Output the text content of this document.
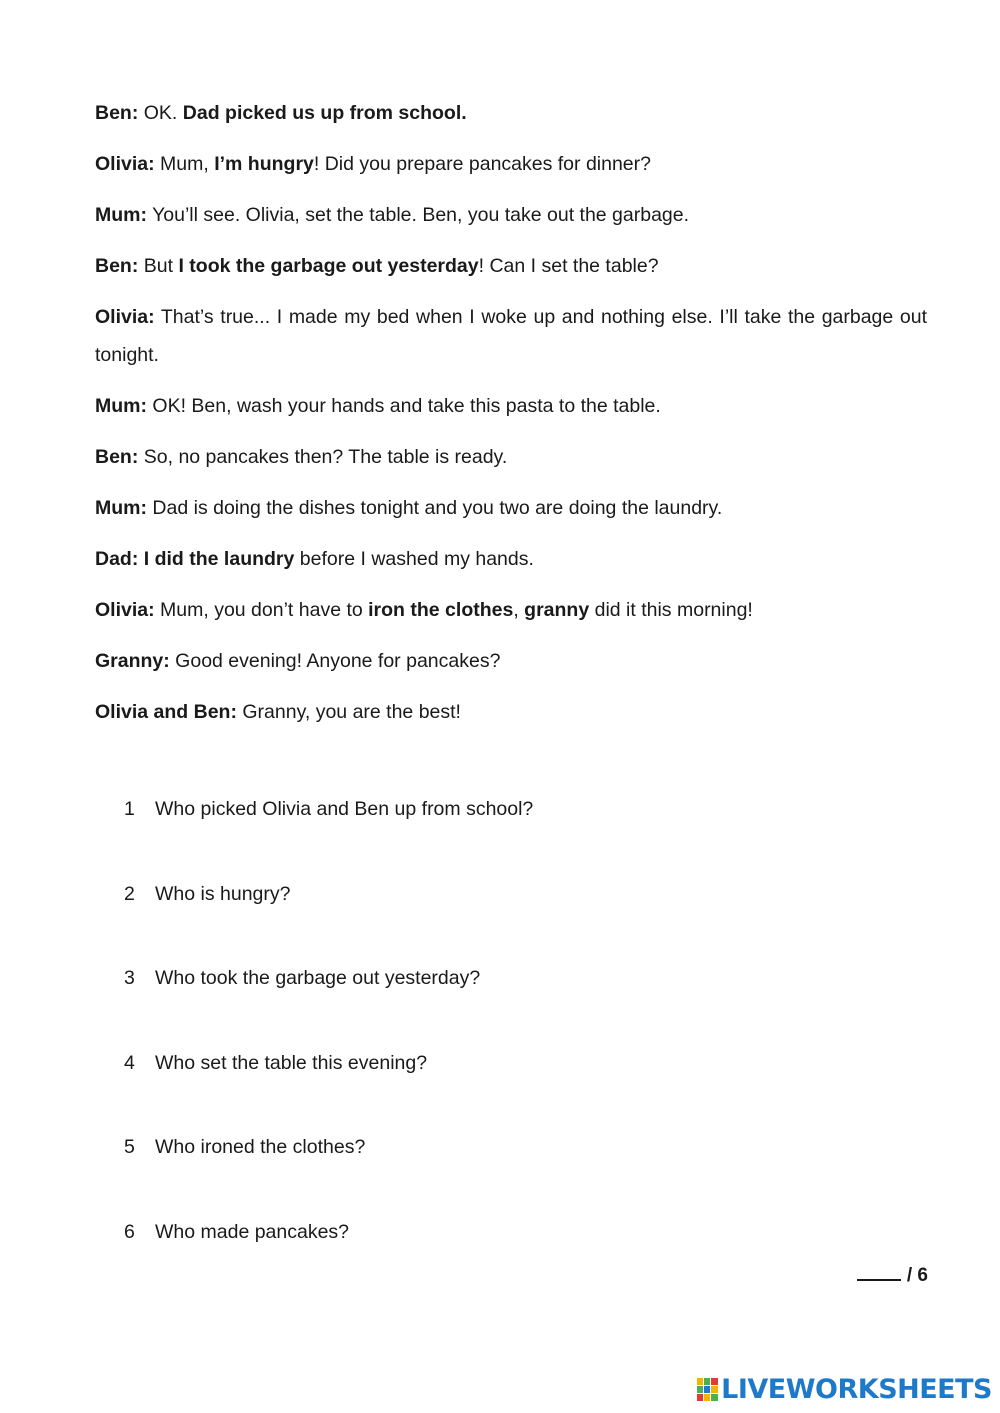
Ben: OK. Dad picked us up from school.

Olivia: Mum, I’m hungry! Did you prepare pancakes for dinner?

Mum: You’ll see. Olivia, set the table. Ben, you take out the garbage.

Ben: But I took the garbage out yesterday! Can I set the table?

Olivia: That’s true... I made my bed when I woke up and nothing else. I’ll take the garbage out tonight.

Mum: OK! Ben, wash your hands and take this pasta to the table.

Ben: So, no pancakes then? The table is ready.

Mum: Dad is doing the dishes tonight and you two are doing the laundry.

Dad: I did the laundry before I washed my hands.

Olivia: Mum, you don’t have to iron the clothes, granny did it this morning!

Granny: Good evening! Anyone for pancakes?

Olivia and Ben: Granny, you are the best!

1	Who picked Olivia and Ben up from school?
2	Who is hungry?
3	Who took the garbage out yesterday?
4	Who set the table this evening?
5	Who ironed the clothes?
6	Who made pancakes?
/ 6
LIVEWORKSHEETS
